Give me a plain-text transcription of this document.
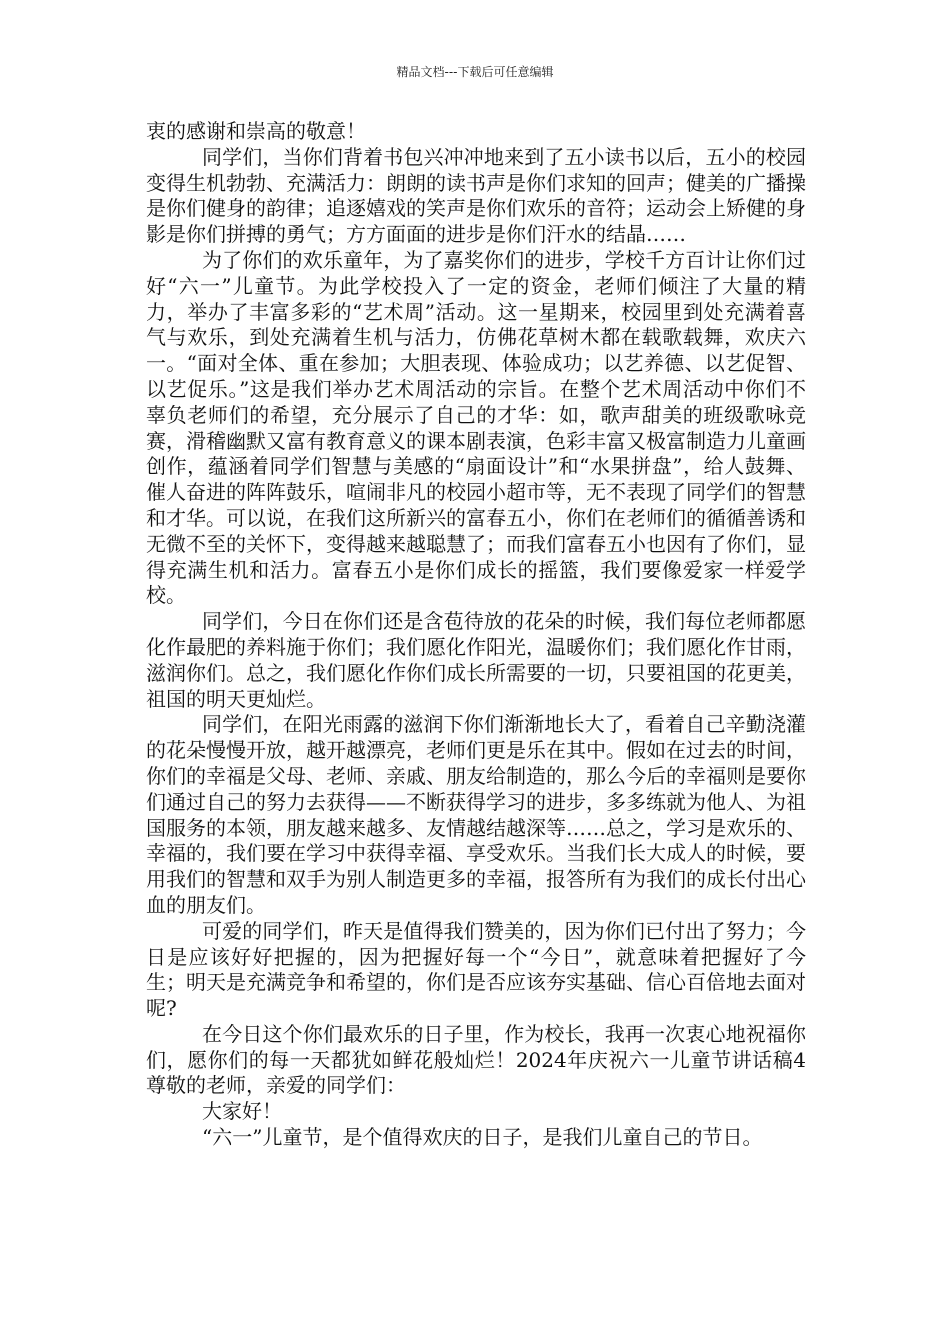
精品文档---下载后可任意编辑

衷的感谢和崇高的敬意！

同学们，当你们背着书包兴冲冲地来到了五小读书以后，五小的校园变得生机勃勃、充满活力：朗朗的读书声是你们求知的回声；健美的广播操是你们健身的韵律；追逐嬉戏的笑声是你们欢乐的音符；运动会上矫健的身影是你们拼搏的勇气；方方面面的进步是你们汗水的结晶……

为了你们的欢乐童年，为了嘉奖你们的进步，学校千方百计让你们过好“六一”儿童节。为此学校投入了一定的资金，老师们倾注了大量的精力，举办了丰富多彩的“艺术周”活动。这一星期来，校园里到处充满着喜气与欢乐，到处充满着生机与活力，仿佛花草树木都在载歌载舞，欢庆六一。“面对全体、重在参加；大胆表现、体验成功；以艺养德、以艺促智、以艺促乐。”这是我们举办艺术周活动的宗旨。在整个艺术周活动中你们不辜负老师们的希望，充分展示了自己的才华：如，歌声甜美的班级歌咏竞赛，滑稽幽默又富有教育意义的课本剧表演，色彩丰富又极富制造力儿童画创作，蕴涵着同学们智慧与美感的“扇面设计”和“水果拼盘”，给人鼓舞、催人奋进的阵阵鼓乐，喧闹非凡的校园小超市等，无不表现了同学们的智慧和才华。可以说，在我们这所新兴的富春五小，你们在老师们的循循善诱和无微不至的关怀下，变得越来越聪慧了；而我们富春五小也因有了你们，显得充满生机和活力。富春五小是你们成长的摇篮，我们要像爱家一样爱学校。

同学们，今日在你们还是含苞待放的花朵的时候，我们每位老师都愿化作最肥的养料施于你们；我们愿化作阳光，温暖你们；我们愿化作甘雨，滋润你们。总之，我们愿化作你们成长所需要的一切，只要祖国的花更美，祖国的明天更灿烂。

同学们，在阳光雨露的滋润下你们渐渐地长大了，看着自己辛勤浇灌的花朵慢慢开放，越开越漂亮，老师们更是乐在其中。假如在过去的时间，你们的幸福是父母、老师、亲戚、朋友给制造的，那么今后的幸福则是要你们通过自己的努力去获得——不断获得学习的进步，多多练就为他人、为祖国服务的本领，朋友越来越多、友情越结越深等……总之，学习是欢乐的、幸福的，我们要在学习中获得幸福、享受欢乐。当我们长大成人的时候，要用我们的智慧和双手为别人制造更多的幸福，报答所有为我们的成长付出心血的朋友们。

可爱的同学们，昨天是值得我们赞美的，因为你们已付出了努力；今日是应该好好把握的，因为把握好每一个“今日”，就意味着把握好了今生；明天是充满竞争和希望的，你们是否应该夯实基础、信心百倍地去面对呢?

在今日这个你们最欢乐的日子里，作为校长，我再一次衷心地祝福你们，愿你们的每一天都犹如鲜花般灿烂！2024年庆祝六一儿童节讲话稿4尊敬的老师，亲爱的同学们：

大家好！

“六一”儿童节，是个值得欢庆的日子，是我们儿童自己的节日。
